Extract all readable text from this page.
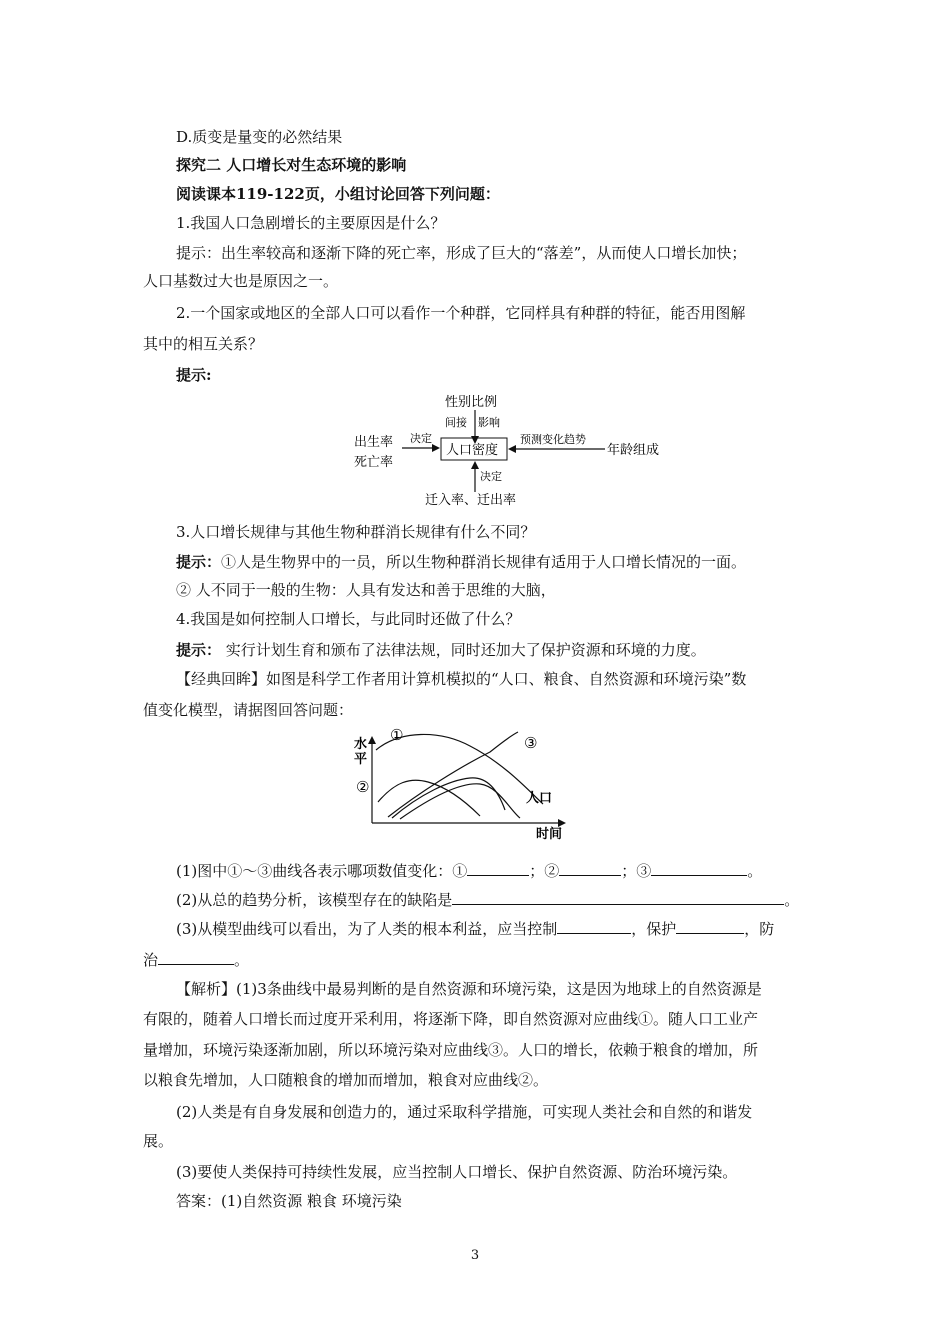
D.质变是量变的必然结果
探究二 人口增长对生态环境的影响
阅读课本119-122页，小组讨论回答下列问题：
1.我国人口急剧增长的主要原因是什么？
提示：出生率较高和逐渐下降的死亡率，形成了巨大的“落差”，从而使人口增长加快；
人口基数过大也是原因之一。
2.一个国家或地区的全部人口可以看作一个种群，它同样具有种群的特征，能否用图解
其中的相互关系？
提示:
性别比例
间接 影响
出生率
死亡率
决定
人口密度
预测变化趋势
年龄组成
决定
迁入率、迁出率
3.人口增长规律与其他生物种群消长规律有什么不同？
提示：①人是生物界中的一员，所以生物种群消长规律有适用于人口增长情况的一面。
② 人不同于一般的生物：人具有发达和善于思维的大脑，
4.我国是如何控制人口增长，与此同时还做了什么？
提示： 实行计划生育和颁布了法律法规，同时还加大了保护资源和环境的力度。
【经典回眸】如图是科学工作者用计算机模拟的“人口、粮食、自然资源和环境污染”数
值变化模型，请据图回答问题：
水
平
①
②
③
人口
时间
(1)图中①～③曲线各表示哪项数值变化：①	；②	；③	。
(2)从总的趋势分析，该模型存在的缺陷是	。
(3)从模型曲线可以看出，为了人类的根本利益，应当控制	，保护	，防
治	。
【解析】(1)3条曲线中最易判断的是自然资源和环境污染，这是因为地球上的自然资源是
有限的，随着人口增长而过度开采利用，将逐渐下降，即自然资源对应曲线①。随人口工业产
量增加，环境污染逐渐加剧，所以环境污染对应曲线③。人口的增长，依赖于粮食的增加，所
以粮食先增加，人口随粮食的增加而增加，粮食对应曲线②。
(2)人类是有自身发展和创造力的，通过采取科学措施，可实现人类社会和自然的和谐发
展。
(3)要使人类保持可持续性发展，应当控制人口增长、保护自然资源、防治环境污染。
答案：(1)自然资源 粮食 环境污染
3
